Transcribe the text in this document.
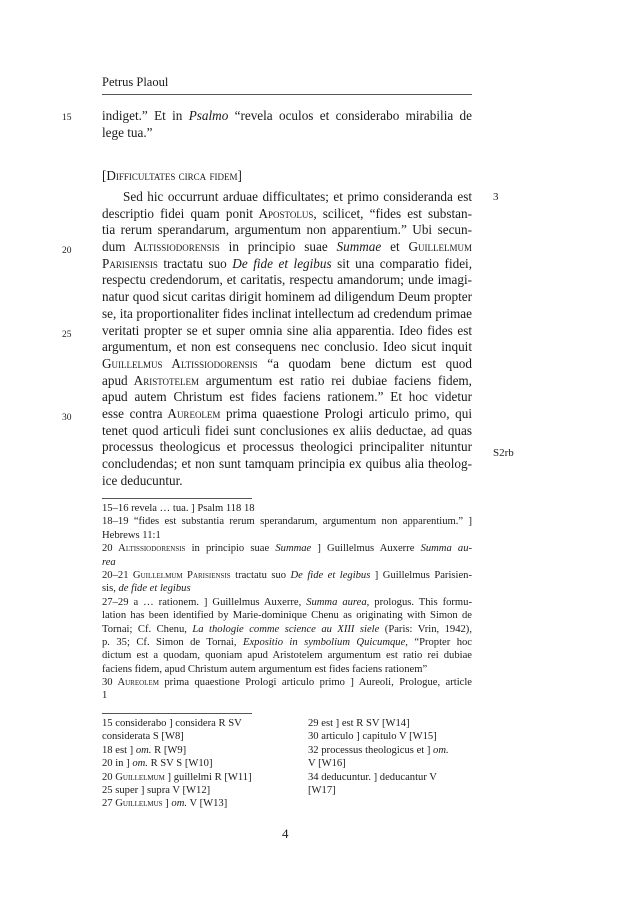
Petrus Plaoul
15
20
25
30
indiget.” Et in Psalmo “revela oculos et considerabo mirabilia de
lege tua.”
[Difficultates circa fidem]
Sed hic occurrunt arduae difficultates; et primo consideranda est
descriptio fidei quam ponit Apostolus, scilicet, “fides est substan-
tia rerum sperandarum, argumentum non apparentium.” Ubi secun-
dum Altissiodorensis in principio suae Summae et Guillelmum
Parisiensis tractatu suo De fide et legibus sit una comparatio fidei,
respectu credendorum, et caritatis, respectu amandorum; unde imagi-
natur quod sicut caritas dirigit hominem ad diligendum Deum propter
se, ita proportionaliter fides inclinat intellectum ad credendum primae
veritati propter se et super omnia sine alia apparentia. Ideo fides est
argumentum, et non est consequens nec conclusio. Ideo sicut inquit
Guillelmus Altissiodorensis “a quodam bene dictum est quod
apud Aristotelem argumentum est ratio rei dubiae faciens fidem,
apud autem Christum est fides faciens rationem.” Et hoc videtur
esse contra Aureolem prima quaestione Prologi articulo primo, qui
tenet quod articuli fidei sunt conclusiones ex aliis deductae, ad quas
processus theologicus et processus theologici principaliter nituntur
concludendas; et non sunt tamquam principia ex quibus alia theolog-
ice deducuntur.
3
S2rb
15–16 revela … tua. ] Psalm 118 18
18–19 “fides est substantia rerum sperandarum, argumentum non apparentium.” ]
Hebrews 11:1
20 Altissiodorensis in principio suae Summae ] Guillelmus Auxerre Summa au-
rea
20–21 Guillelmum Parisiensis tractatu suo De fide et legibus ] Guillelmus Parisien-
sis, de fide et legibus
27–29 a … rationem. ] Guillelmus Auxerre, Summa aurea, prologus. This formu-
lation has been identified by Marie-dominique Chenu as originating with Simon de
Tornai; Cf. Chenu, La thologie comme science au XIII siele (Paris: Vrin, 1942),
p. 35; Cf. Simon de Tornai, Expositio in symbolium Quicumque, “Propter hoc
dictum est a quodam, quoniam apud Aristotelem argumentum est ratio rei dubiae
faciens fidem, apud Christum autem argumentum est fides faciens rationem”
30 Aureolem prima quaestione Prologi articulo primo ] Aureoli, Prologue, article
1
15 considerabo ] considera R SV
considerata S [W8]
18 est ] om. R [W9]
20 in ] om. R SV S [W10]
20 Guillelmum ] guillelmi R [W11]
25 super ] supra V [W12]
27 Guillelmus ] om. V [W13]
29 est ] est R SV [W14]
30 articulo ] capitulo V [W15]
32 processus theologicus et ] om.
V [W16]
34 deducuntur. ] deducantur V
[W17]
4
